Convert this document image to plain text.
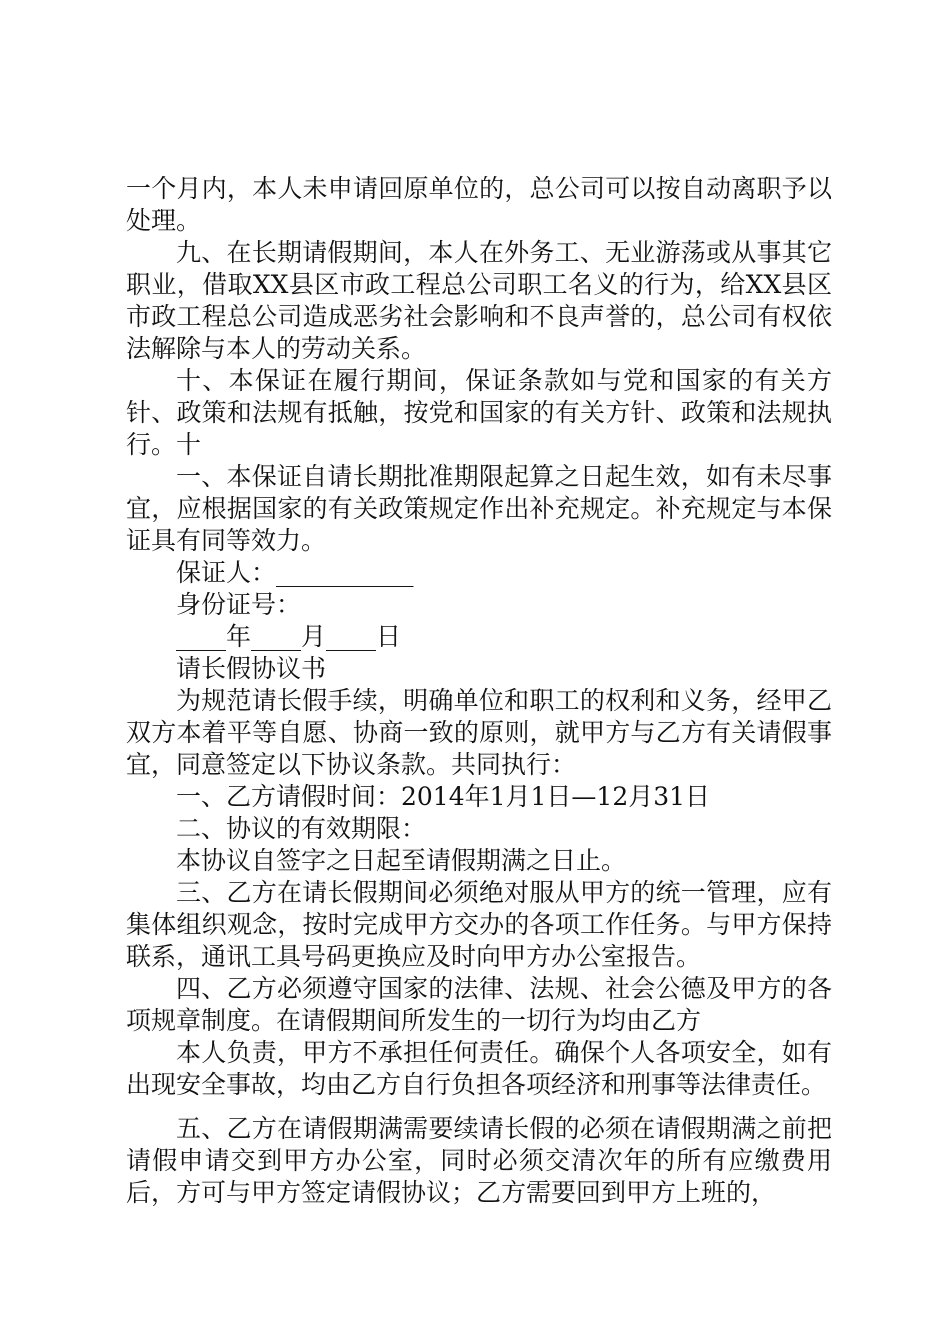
一个月内，本人未申请回原单位的，总公司可以按自动离职予以处理。

九、在长期请假期间，本人在外务工、无业游荡或从事其它职业，借取XX县区市政工程总公司职工名义的行为，给XX县区市政工程总公司造成恶劣社会影响和不良声誉的，总公司有权依法解除与本人的劳动关系。

十、本保证在履行期间，保证条款如与党和国家的有关方针、政策和法规有抵触，按党和国家的有关方针、政策和法规执行。十

一、本保证自请长期批准期限起算之日起生效，如有未尽事宜，应根据国家的有关政策规定作出补充规定。补充规定与本保证具有同等效力。

保证人：___________

身份证号：

____年____月____日

请长假协议书

为规范请长假手续，明确单位和职工的权利和义务，经甲乙双方本着平等自愿、协商一致的原则，就甲方与乙方有关请假事宜，同意签定以下协议条款。共同执行：

一、乙方请假时间：2014年1月1日—12月31日

二、协议的有效期限：

本协议自签字之日起至请假期满之日止。

三、乙方在请长假期间必须绝对服从甲方的统一管理，应有集体组织观念，按时完成甲方交办的各项工作任务。与甲方保持联系，通讯工具号码更换应及时向甲方办公室报告。

四、乙方必须遵守国家的法律、法规、社会公德及甲方的各项规章制度。在请假期间所发生的一切行为均由乙方

本人负责，甲方不承担任何责任。确保个人各项安全，如有出现安全事故，均由乙方自行负担各项经济和刑事等法律责任。

五、乙方在请假期满需要续请长假的必须在请假期满之前把请假申请交到甲方办公室，同时必须交清次年的所有应缴费用后，方可与甲方签定请假协议；乙方需要回到甲方上班的，
